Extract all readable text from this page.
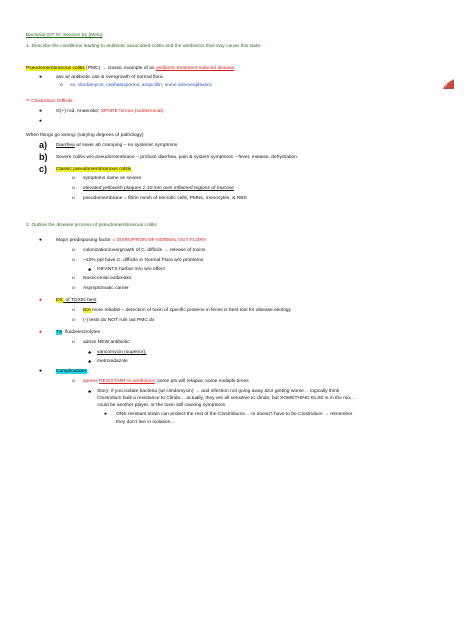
Bacterial GIT IV: Session 51 (Melu)
1. Describe the conditions leading to antibiotic associated colitis and the antibiotics that may cause this state.
Pseudomembranous colitis (PMC) → classic example of an antibiotic treatment-induced disease.
●	ass w/ antibiotic use & overgrowth of normal flora
o ex. clindamycin, cephalosporins, ampicillin, some anti-neoplastics
** Clostridium Difficile
●	G(+) rod, Anaerobe; SPORE former (subterminal)
●
When things go wrong: (varying degrees of pathology)
a) Diarrhea w/ lower ab cramping – no systemic symptoms
b) Severe colitis w/o pseudomembrane – profuse diarrhea, pain & system symptoms – fever, malaise, dehydration
c) Classic pseudomembranous colitis
o symptoms same as severe
o elevated yellowish plaques 1-10 mm over inflamed regionz of mucose
o pseudomembrane = fibrin mesh of necrotic cells, PMNs, monocytes, & RBS
2. Outline the disease process of pseudomembranous colitis
●	Major predisposing factor = DISRUPTION OF NORMAL GUT FLORA
o colonization/overgrowth of C. difficile → release of toxins
o ~10% ppl have C. difficile in Normal Flora w/o problems
♣ INFANTS harbor m/o w/o effect
o Nosocomial outbreaks
o Asymptomatic carrier
●	DX: of TOXIN best
o EIA more reliable – detection of toxin of specific proteins in feces is best tool for disease etiology
o (-) tests do NOT rule out PMC dx
●	TX: fluid/electrolytes
o admin NEW antibiotic
♣ vancomycin (superior),
♣ metronidazole
●	Complications
o spores RESISTANT to antibiotics; some pts will relapse, some multiple times
♣ Story: if you isolate bacteria (w/ clindomycin) → and infection not going away &/or getting worse… logically think
Clostridium built a resistance to Clindo… actually, they are all sensitive to clindo, but SOMETHING ELSE is in the mix…
could be another player, or the toxin still causing symptoms
● ONE resistant strain can protect the rest of the Clostridiums… or doesn’t have to be Clostridium → remember
they don’t live in isolation…
